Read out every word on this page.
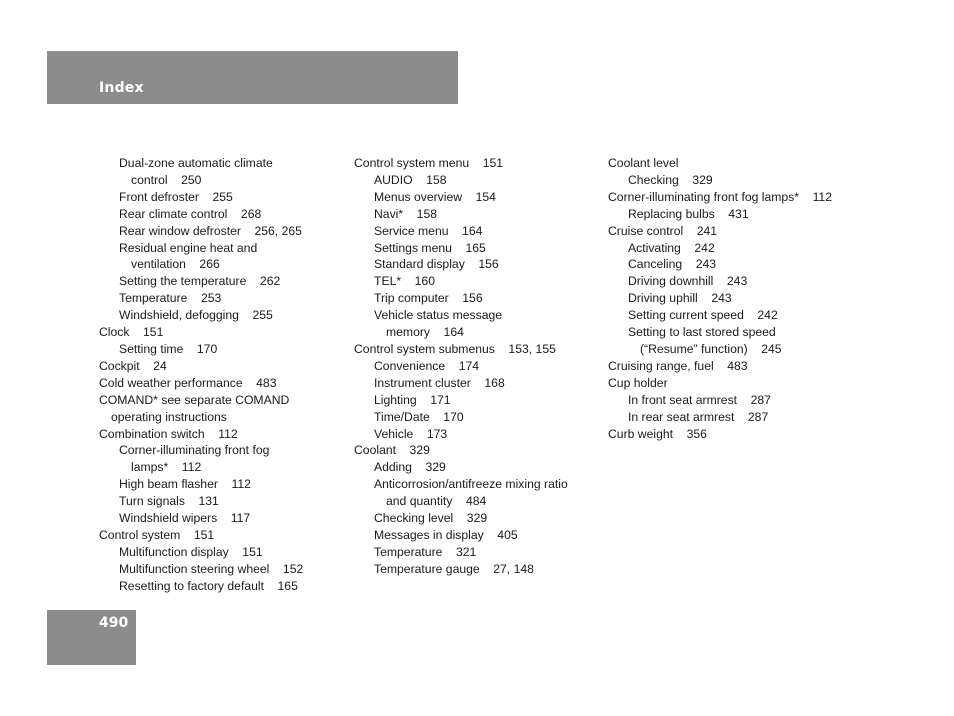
Index
Dual-zone automatic climate
control    250
Front defroster    255
Rear climate control    268
Rear window defroster    256, 265
Residual engine heat and
ventilation    266
Setting the temperature    262
Temperature    253
Windshield, defogging    255
Clock    151
Setting time    170
Cockpit    24
Cold weather performance    483
COMAND* see separate COMAND
operating instructions
Combination switch    112
Corner-illuminating front fog
lamps*    112
High beam flasher    112
Turn signals    131
Windshield wipers    117
Control system    151
Multifunction display    151
Multifunction steering wheel    152
Resetting to factory default    165
Control system menu    151
AUDIO    158
Menus overview    154
Navi*    158
Service menu    164
Settings menu    165
Standard display    156
TEL*    160
Trip computer    156
Vehicle status message
memory    164
Control system submenus    153, 155
Convenience    174
Instrument cluster    168
Lighting    171
Time/Date    170
Vehicle    173
Coolant    329
Adding    329
Anticorrosion/antifreeze mixing ratio
and quantity    484
Checking level    329
Messages in display    405
Temperature    321
Temperature gauge    27, 148
Coolant level
Checking    329
Corner-illuminating front fog lamps*    112
Replacing bulbs    431
Cruise control    241
Activating    242
Canceling    243
Driving downhill    243
Driving uphill    243
Setting current speed    242
Setting to last stored speed
(“Resume” function)    245
Cruising range, fuel    483
Cup holder
In front seat armrest    287
In rear seat armrest    287
Curb weight    356
490
